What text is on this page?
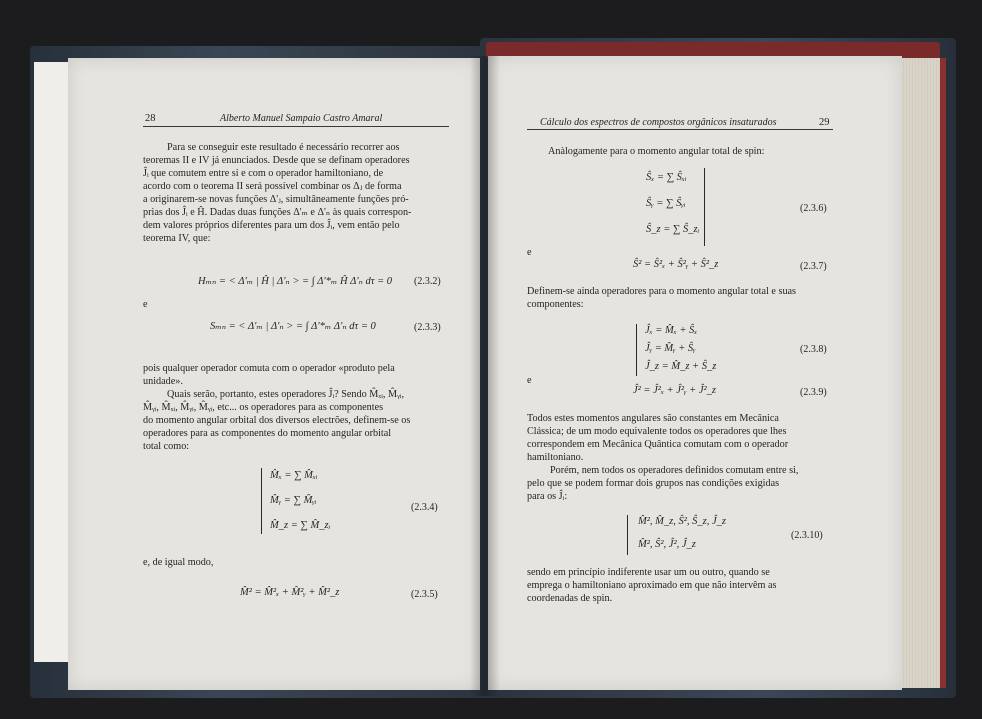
28	Alberto Manuel Sampaio Castro Amaral
Para se conseguir este resultado é necessário recorrer aos
teoremas II e IV já enunciados. Desde que se definam operadores
Ĵᵢ que comutem entre si e com o operador hamiltoniano, de
acordo com o teorema II será possível combinar os Δⱼ de forma
a originarem-se novas funções Δ'ⱼ, simultâneamente funções pró-
prias dos Ĵᵢ e Ĥ. Dadas duas funções Δ'ₘ e Δ'ₙ às quais correspon-
dem valores próprios diferentes para um dos Ĵᵢ, vem então pelo
teorema IV, que:
Hₘₙ = < Δ'ₘ | Ĥ | Δ'ₙ > = ∫ Δ'*ₘ Ĥ Δ'ₙ dτ = 0 (2.3.2)
e
Sₘₙ = < Δ'ₘ | Δ'ₙ > = ∫ Δ'*ₘ Δ'ₙ dτ = 0	(2.3.3)
pois qualquer operador comuta com o operador «produto pela
unidade».
Quais serão, portanto, estes operadores Ĵᵢ? Sendo M̂ₓᵢ, M̂ᵧᵢ,
M̂ᵧᵢ, M̂ₓᵢ, M̂ᵧᵢ, M̂ᵧᵢ, etc... os operadores para as componentes
do momento angular orbital dos diversos electrões, definem-se os
operadores para as componentes do momento angular orbital
total como:
M̂ₓ = ∑ M̂ₓᵢ
M̂ᵧ = ∑ M̂ᵧᵢ
M̂_z = ∑ M̂_zᵢ
(2.3.4)
e, de igual modo,
M̂² = M̂²ₓ + M̂²ᵧ + M̂²_z	(2.3.5)
Cálculo dos espectros de compostos orgânicos insaturados	29
Anàlogamente para o momento angular total de spin:
Ŝₓ = ∑ Ŝₓᵢ
Ŝᵧ = ∑ Ŝᵧᵢ
Ŝ_z = ∑ Ŝ_zᵢ
(2.3.6)
e
Ŝ² = Ŝ²ₓ + Ŝ²ᵧ + Ŝ²_z	(2.3.7)
Definem-se ainda operadores para o momento angular total e suas
componentes:
Ĵₓ = M̂ₓ + Ŝₓ
Ĵᵧ = M̂ᵧ + Ŝᵧ
Ĵ_z = M̂_z + Ŝ_z
(2.3.8)
e
Ĵ² = Ĵ²ₓ + Ĵ²ᵧ + Ĵ²_z	(2.3.9)
Todos estes momentos angulares são constantes em Mecânica
Clássica; de um modo equivalente todos os operadores que lhes
correspondem em Mecânica Quântica comutam com o operador
hamiltoniano.
Porém, nem todos os operadores definidos comutam entre si,
pelo que se podem formar dois grupos nas condições exigidas
para os Ĵᵢ:
M̂², M̂_z, Ŝ², Ŝ_z, Ĵ_z
M̂², Ŝ², Ĵ², Ĵ_z
(2.3.10)
sendo em princípio indiferente usar um ou outro, quando se
emprega o hamiltoniano aproximado em que não intervêm as
coordenadas de spin.
